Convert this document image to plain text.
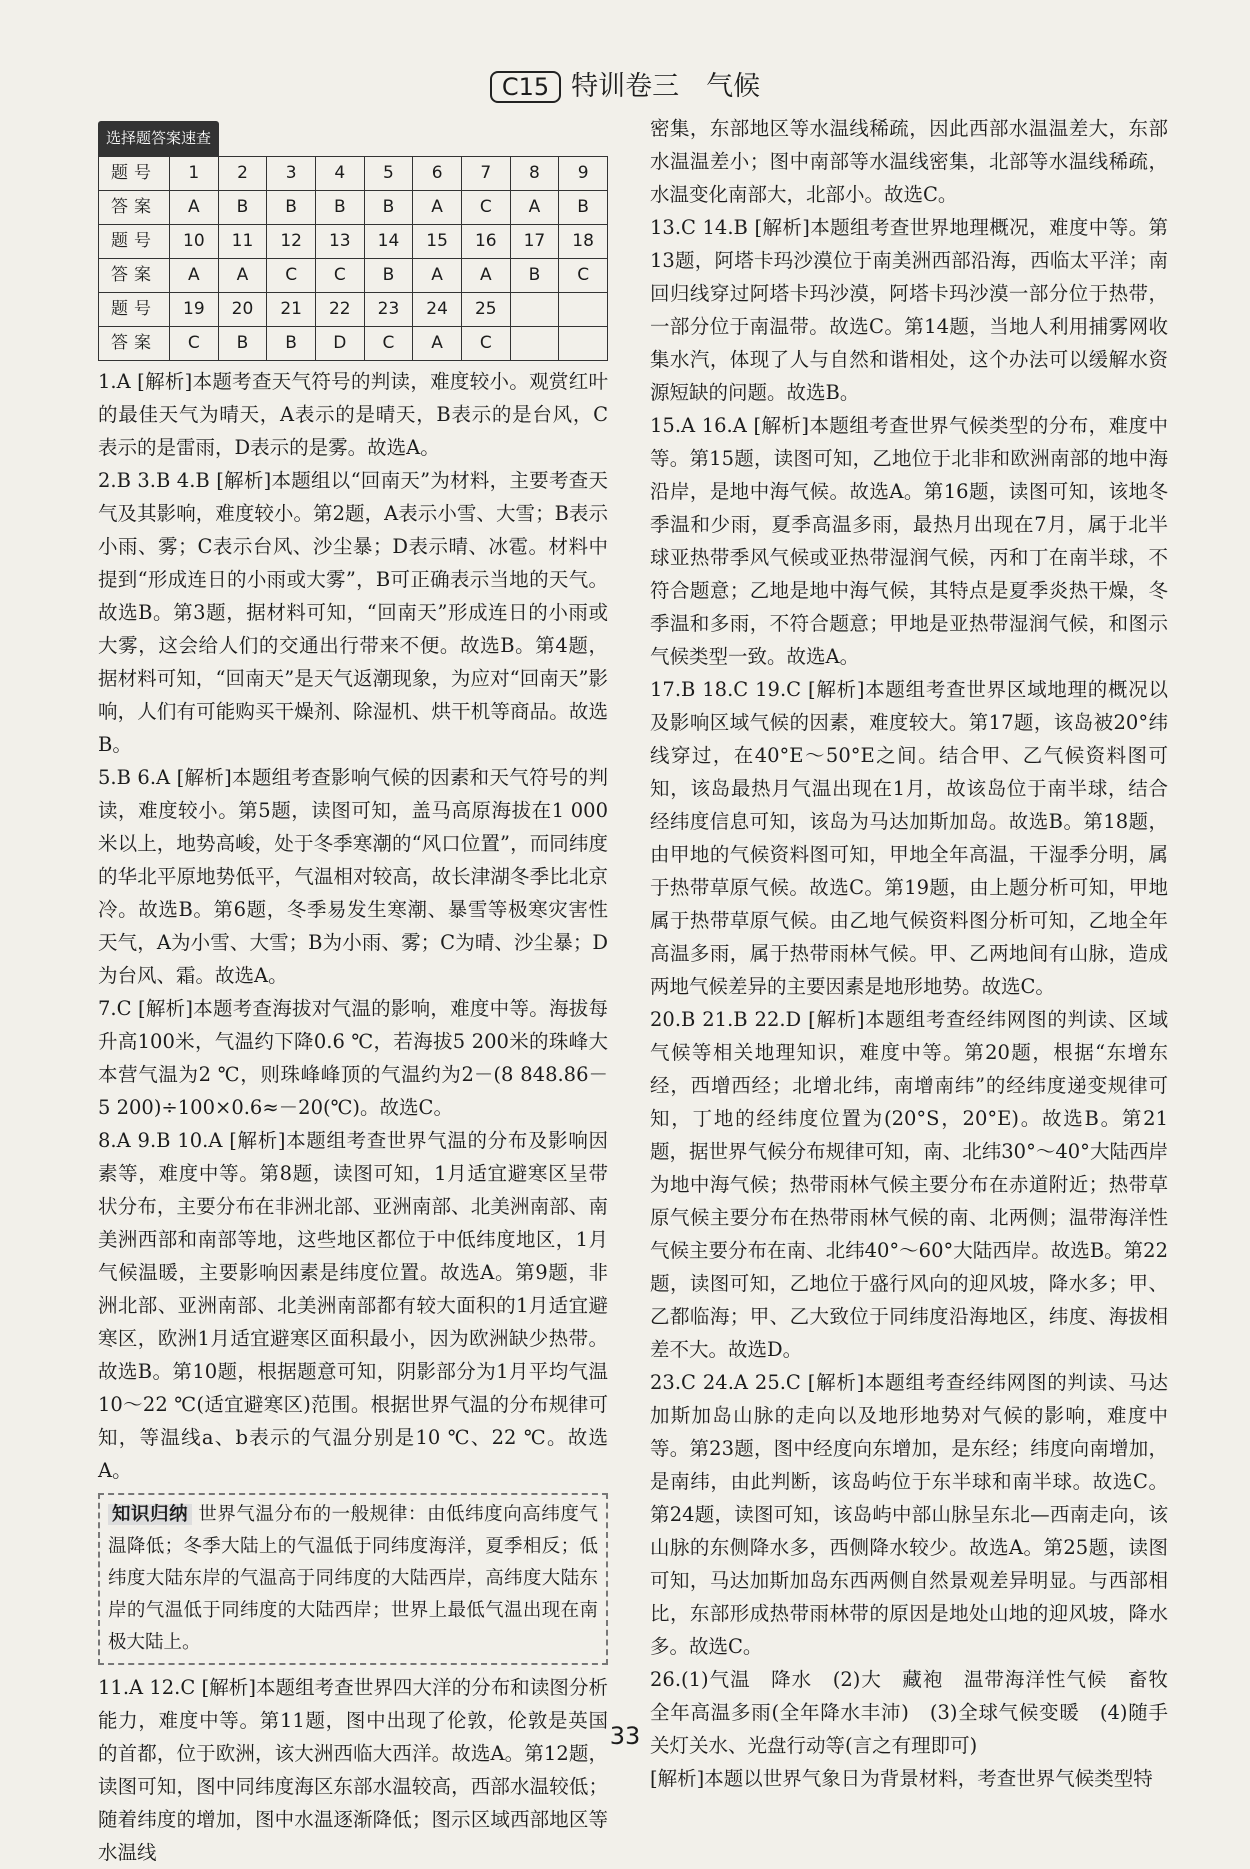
C15 特训卷三　气候
选择题答案速查
题号	1	2	3	4	5	6	7	8	9
答案	A	B	B	B	B	A	C	A	B
题号	10	11	12	13	14	15	16	17	18
答案	A	A	C	C	B	A	A	B	C
题号	19	20	21	22	23	24	25		
答案	C	B	B	D	C	A	C		

1.A [解析]本题考查天气符号的判读，难度较小。观赏红叶的最佳天气为晴天，A表示的是晴天，B表示的是台风，C表示的是雷雨，D表示的是雾。故选A。

2.B 3.B 4.B [解析]本题组以“回南天”为材料，主要考查天气及其影响，难度较小。第2题，A表示小雪、大雪；B表示小雨、雾；C表示台风、沙尘暴；D表示晴、冰雹。材料中提到“形成连日的小雨或大雾”，B可正确表示当地的天气。故选B。第3题，据材料可知，“回南天”形成连日的小雨或大雾，这会给人们的交通出行带来不便。故选B。第4题，据材料可知，“回南天”是天气返潮现象，为应对“回南天”影响，人们有可能购买干燥剂、除湿机、烘干机等商品。故选B。

5.B 6.A [解析]本题组考查影响气候的因素和天气符号的判读，难度较小。第5题，读图可知，盖马高原海拔在1 000米以上，地势高峻，处于冬季寒潮的“风口位置”，而同纬度的华北平原地势低平，气温相对较高，故长津湖冬季比北京冷。故选B。第6题，冬季易发生寒潮、暴雪等极寒灾害性天气，A为小雪、大雪；B为小雨、雾；C为晴、沙尘暴；D为台风、霜。故选A。

7.C [解析]本题考查海拔对气温的影响，难度中等。海拔每升高100米，气温约下降0.6 ℃，若海拔5 200米的珠峰大本营气温为2 ℃，则珠峰峰顶的气温约为2－(8 848.86－5 200)÷100×0.6≈－20(℃)。故选C。

8.A 9.B 10.A [解析]本题组考查世界气温的分布及影响因素等，难度中等。第8题，读图可知，1月适宜避寒区呈带状分布，主要分布在非洲北部、亚洲南部、北美洲南部、南美洲西部和南部等地，这些地区都位于中低纬度地区，1月气候温暖，主要影响因素是纬度位置。故选A。第9题，非洲北部、亚洲南部、北美洲南部都有较大面积的1月适宜避寒区，欧洲1月适宜避寒区面积最小，因为欧洲缺少热带。故选B。第10题，根据题意可知，阴影部分为1月平均气温10～22 ℃(适宜避寒区)范围。根据世界气温的分布规律可知，等温线a、b表示的气温分别是10 ℃、22 ℃。故选A。

知识归纳 世界气温分布的一般规律：由低纬度向高纬度气温降低；冬季大陆上的气温低于同纬度海洋，夏季相反；低纬度大陆东岸的气温高于同纬度的大陆西岸，高纬度大陆东岸的气温低于同纬度的大陆西岸；世界上最低气温出现在南极大陆上。

11.A 12.C [解析]本题组考查世界四大洋的分布和读图分析能力，难度中等。第11题，图中出现了伦敦，伦敦是英国的首都，位于欧洲，该大洲西临大西洋。故选A。第12题，读图可知，图中同纬度海区东部水温较高，西部水温较低；随着纬度的增加，图中水温逐渐降低；图示区域西部地区等水温线

密集，东部地区等水温线稀疏，因此西部水温温差大，东部水温温差小；图中南部等水温线密集，北部等水温线稀疏，水温变化南部大，北部小。故选C。

13.C 14.B [解析]本题组考查世界地理概况，难度中等。第13题，阿塔卡玛沙漠位于南美洲西部沿海，西临太平洋；南回归线穿过阿塔卡玛沙漠，阿塔卡玛沙漠一部分位于热带，一部分位于南温带。故选C。第14题，当地人利用捕雾网收集水汽，体现了人与自然和谐相处，这个办法可以缓解水资源短缺的问题。故选B。

15.A 16.A [解析]本题组考查世界气候类型的分布，难度中等。第15题，读图可知，乙地位于北非和欧洲南部的地中海沿岸，是地中海气候。故选A。第16题，读图可知，该地冬季温和少雨，夏季高温多雨，最热月出现在7月，属于北半球亚热带季风气候或亚热带湿润气候，丙和丁在南半球，不符合题意；乙地是地中海气候，其特点是夏季炎热干燥，冬季温和多雨，不符合题意；甲地是亚热带湿润气候，和图示气候类型一致。故选A。

17.B 18.C 19.C [解析]本题组考查世界区域地理的概况以及影响区域气候的因素，难度较大。第17题，该岛被20°纬线穿过，在40°E～50°E之间。结合甲、乙气候资料图可知，该岛最热月气温出现在1月，故该岛位于南半球，结合经纬度信息可知，该岛为马达加斯加岛。故选B。第18题，由甲地的气候资料图可知，甲地全年高温，干湿季分明，属于热带草原气候。故选C。第19题，由上题分析可知，甲地属于热带草原气候。由乙地气候资料图分析可知，乙地全年高温多雨，属于热带雨林气候。甲、乙两地间有山脉，造成两地气候差异的主要因素是地形地势。故选C。

20.B 21.B 22.D [解析]本题组考查经纬网图的判读、区域气候等相关地理知识，难度中等。第20题，根据“东增东经，西增西经；北增北纬，南增南纬”的经纬度递变规律可知，丁地的经纬度位置为(20°S，20°E)。故选B。第21题，据世界气候分布规律可知，南、北纬30°～40°大陆西岸为地中海气候；热带雨林气候主要分布在赤道附近；热带草原气候主要分布在热带雨林气候的南、北两侧；温带海洋性气候主要分布在南、北纬40°～60°大陆西岸。故选B。第22题，读图可知，乙地位于盛行风向的迎风坡，降水多；甲、乙都临海；甲、乙大致位于同纬度沿海地区，纬度、海拔相差不大。故选D。

23.C 24.A 25.C [解析]本题组考查经纬网图的判读、马达加斯加岛山脉的走向以及地形地势对气候的影响，难度中等。第23题，图中经度向东增加，是东经；纬度向南增加，是南纬，由此判断，该岛屿位于东半球和南半球。故选C。第24题，读图可知，该岛屿中部山脉呈东北—西南走向，该山脉的东侧降水多，西侧降水较少。故选A。第25题，读图可知，马达加斯加岛东西两侧自然景观差异明显。与西部相比，东部形成热带雨林带的原因是地处山地的迎风坡，降水多。故选C。

26.(1)气温　降水　(2)大　藏袍　温带海洋性气候　畜牧　全年高温多雨(全年降水丰沛)　(3)全球气候变暖　(4)随手关灯关水、光盘行动等(言之有理即可)

[解析]本题以世界气象日为背景材料，考查世界气候类型特

33
